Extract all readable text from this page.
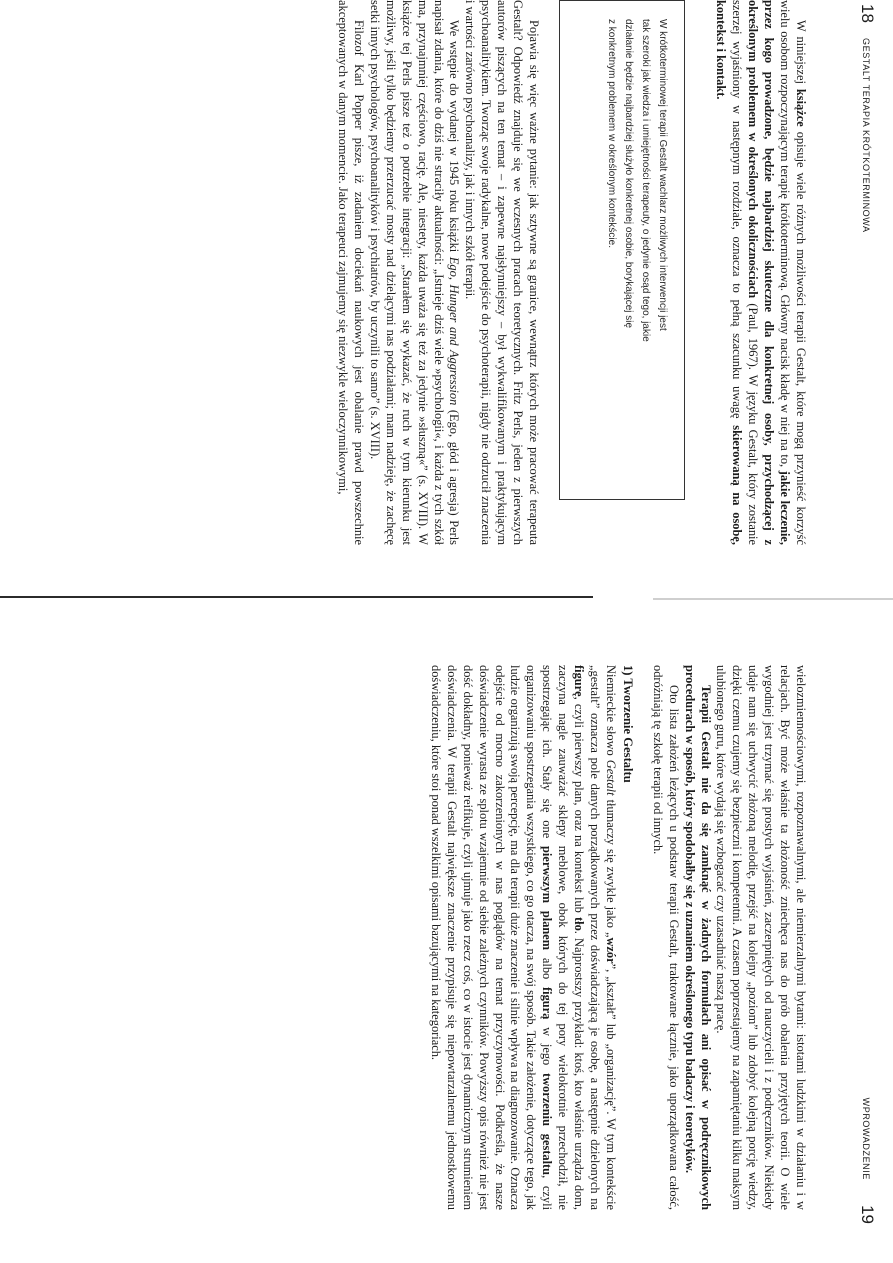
18
GESTALT TERAPIA KRÓTKOTERMINOWA

W niniejszej książce opisuje wiele różnych możliwości terapii Gestalt, które mogą przynieść korzyść wielu osobom rozpoczynającym terapię krótkoterminową. Główny nacisk kładę w niej na to, jakie leczenie, przez kogo prowadzone, będzie najbardziej skuteczne dla konkretnej osoby, przychodzącej z określonym problemem w określonych okolicznościach (Paul, 1967). W języku Gestalt, który zostanie szerzej wyjaśniony w następnym rozdziale, oznacza to pełną szacunku uwagę skierowaną na osobę, kontekst i kontakt.

W krótkoterminowej terapii Gestalt wachlarz możliwych interwencji jest
tak szeroki jak wiedza i umiejętności terapeuty, o jedynie osąd tego, jakie
działanie będzie najbardziej służyło konkretnej osobie, borykającej się
z konkretnym problemem w określonym kontekście.

Pojawia się więc ważne pytanie: jak sztywne są granice, wewnątrz których może pracować terapeuta Gestalt? Odpowiedź znajduje się we wczesnych pracach teoretycznych. Fritz Perls, jeden z pierwszych autorów piszących na ten temat – i zapewne najsłynniejszy – był wykwalifikowanym i praktykującym psychoanalitykiem. Tworząc swoje radykalne, nowe podejście do psychoterapii, nigdy nie odrzucił znaczenia i wartości zarówno psychoanalizy, jak i innych szkół terapii.

We wstępie do wydanej w 1945 roku książki Ego, Hunger and Aggression (Ego, głód i agresja) Perls napisał zdania, które do dziś nie straciły aktualności: „Istnieje dziś wiele »psychologii«, i każda z tych szkół ma, przynajmniej częściowo, rację. Ale, niestety, każda uważa się też za jedynie »słuszną«” (s. XVIII). W książce tej Perls pisze też o potrzebie integracji: „Starałem się wykazać, że ruch w tym kierunku jest możliwy, jeśli tylko będziemy przerzucać mosty nad dzielącymi nas podziałami; mam nadzieję, że zachęcę setki innych psychologów, psychoanalityków i psychiatrów, by uczynili to samo” (s. XVIII).

Filozof Karl Popper pisze, iż zadaniem dociekań naukowych jest obalanie prawd powszechnie akceptowanych w danym momencie. Jako terapeuci zajmujemy się niezwykle wieloczynnikowymi,

wielozmiennościowymi, rozpoznawalnymi, ale niemierzalnymi bytami: istotami ludzkimi w działaniu i w relacjach. Być może właśnie ta złożoność zniechęca nas do prób obalenia przyjętych teorii. O wiele wygodniej jest trzymać się prostych wyjaśnień, zaczerpniętych od nauczycieli i z podręczników. Niekiedy udaje nam się uchwycić złożoną melodię, przejść na kolejny „poziom” lub zdobyć kolejną porcję wiedzy, dzięki czemu czujemy się bezpieczni i kompetentni. A czasem poprzestajemy na zapamiętaniu kilku maksym ulubionego guru, które wydają się wzbogacać czy uzasadniać naszą pracę.

Terapii Gestalt nie da się zamknąć w żadnych formułach ani opisać w podręcznikowych procedurach w sposób, który spodobałby się z uznaniem określonego typu badaczy i teoretyków.

Oto lista założeń leżących u podstaw terapii Gestalt, traktowane łącznie, jako uporządkowana całość, odróżniają tę szkołę terapii od innych.

1) Tworzenie Gestaltu

Niemieckie słowo Gestalt tłumaczy się zwykle jako „wzór”, „kształt” lub „organizację”. W tym kontekście „gestalt” oznacza pole danych porządkowanych przez doświadczającą je osobę, a następnie dzielonych na figurę, czyli pierwszy plan, oraz na kontekst lub tło. Najprostszy przykład: ktoś, kto właśnie urządza dom, zaczyna nagle zauważać sklepy meblowe, obok których do tej pory wielokrotnie przechodził, nie spostrzegając ich. Stały się one pierwszym planem albo figurą w jego tworzeniu gestaltu, czyli organizowaniu spostrzegania wszystkiego, co go otacza, na swój sposób. Takie założenie, dotyczące tego, jak ludzie organizują swoją percepcję, ma dla terapii duże znaczenie i silnie wpływa na diagnozowanie. Oznacza odejście od mocno zakorzenionych w nas poglądów na temat przyczynowości. Podkreśla, że nasze doświadczenie wyrasta ze splotu wzajemnie od siebie zależnych czynników. Powyższy opis również nie jest dość dokładny, ponieważ reifikuje, czyli ujmuje jako rzecz coś, co w istocie jest dynamicznym strumieniem doświadczenia. W terapii Gestalt największe znaczenie przypisuje się niepowtarzalnemu jednostkowemu doświadczeniu, które stoi ponad wszelkimi opisami bazującymi na kategoriach.

WPROWADZENIE
19
